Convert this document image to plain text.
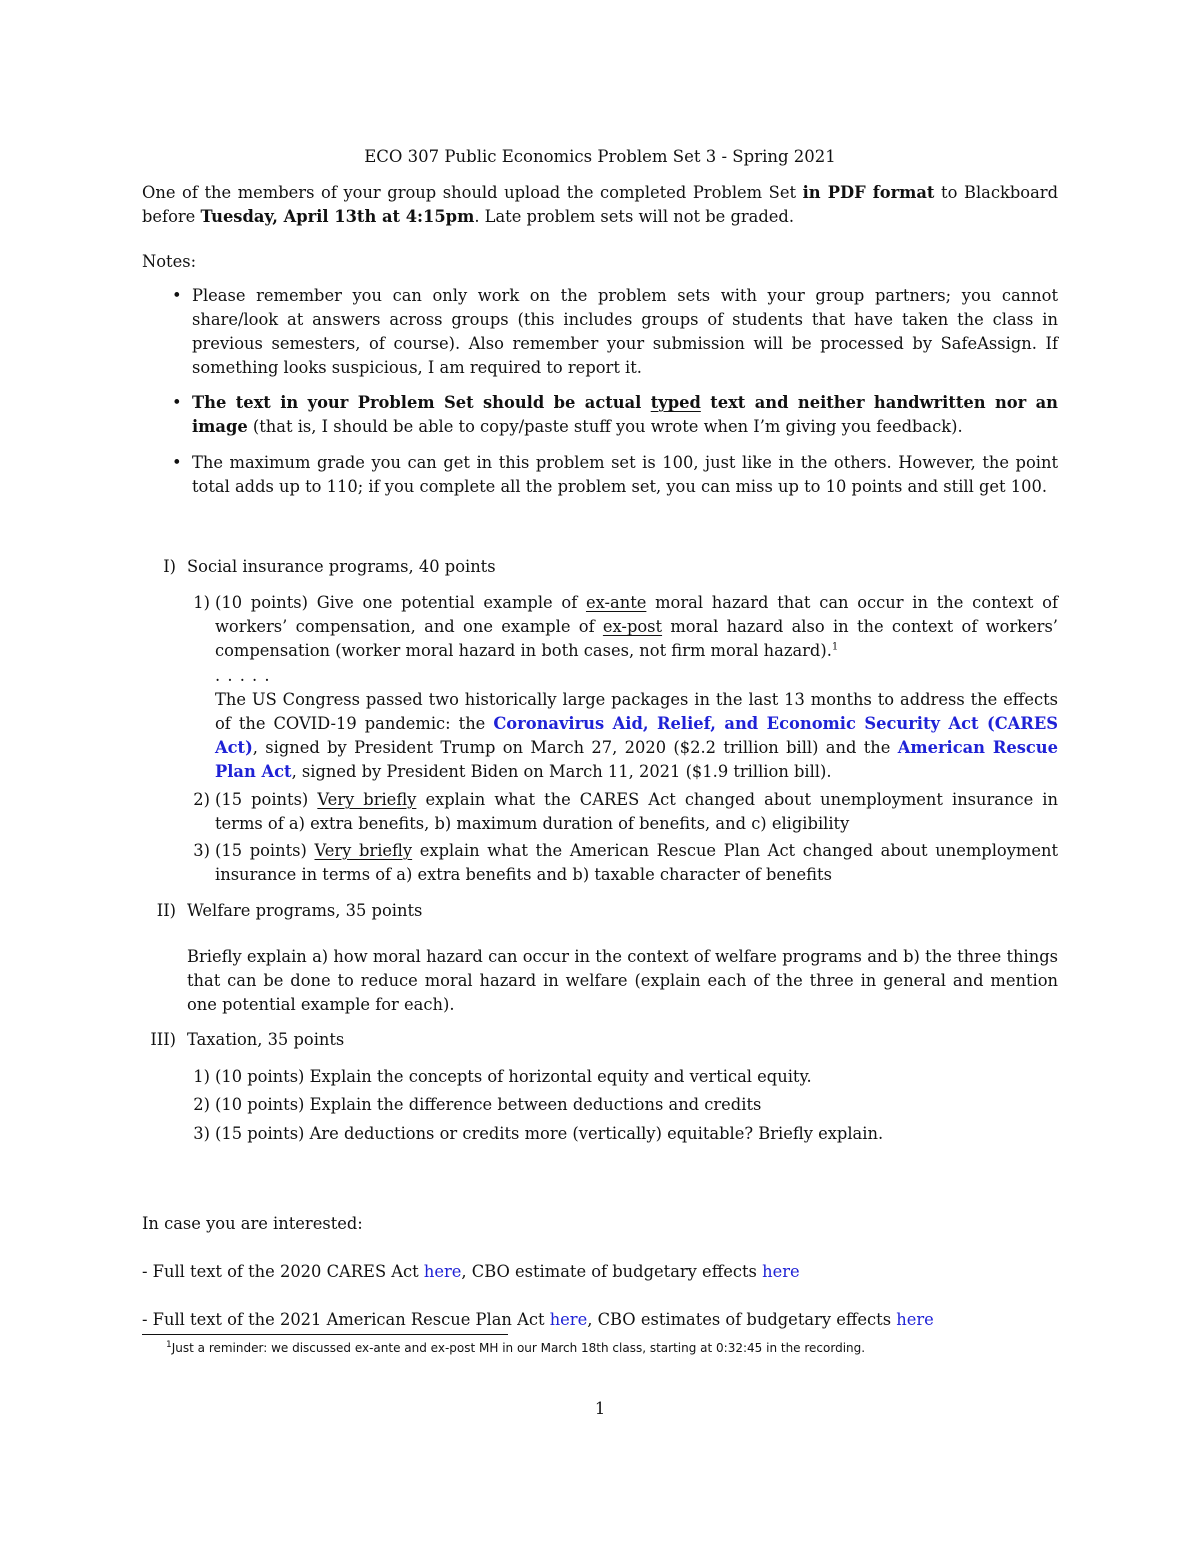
ECO 307 Public Economics Problem Set 3 - Spring 2021

One of the members of your group should upload the completed Problem Set in PDF format to Blackboard before Tuesday, April 13th at 4:15pm. Late problem sets will not be graded.

Notes:
• Please remember you can only work on the problem sets with your group partners; you cannot share/look at answers across groups (this includes groups of students that have taken the class in previous semesters, of course). Also remember your submission will be processed by SafeAssign. If something looks suspicious, I am required to report it.
• The text in your Problem Set should be actual typed text and neither handwritten nor an image (that is, I should be able to copy/paste stuff you wrote when I’m giving you feedback).
• The maximum grade you can get in this problem set is 100, just like in the others. However, the point total adds up to 110; if you complete all the problem set, you can miss up to 10 points and still get 100.
I) Social insurance programs, 40 points
1) (10 points) Give one potential example of ex-ante moral hazard that can occur in the context of workers’ compensation, and one example of ex-post moral hazard also in the context of workers’ compensation (worker moral hazard in both cases, not firm moral hazard).$^1$

. . . . .

The US Congress passed two historically large packages in the last 13 months to address the effects of the COVID-19 pandemic: the Coronavirus Aid, Relief, and Economic Security Act (CARES Act), signed by President Trump on March 27, 2020 ($2.2 trillion bill) and the American Rescue Plan Act, signed by President Biden on March 11, 2021 ($1.9 trillion bill).

2) (15 points) Very briefly explain what the CARES Act changed about unemployment insurance in terms of a) extra benefits, b) maximum duration of benefits, and c) eligibility

3) (15 points) Very briefly explain what the American Rescue Plan Act changed about unemployment insurance in terms of a) extra benefits and b) taxable character of benefits

II) Welfare programs, 35 points

Briefly explain a) how moral hazard can occur in the context of welfare programs and b) the three things that can be done to reduce moral hazard in welfare (explain each of the three in general and mention one potential example for each).

III) Taxation, 35 points
1) (10 points) Explain the concepts of horizontal equity and vertical equity.
2) (10 points) Explain the difference between deductions and credits
3) (15 points) Are deductions or credits more (vertically) equitable? Briefly explain.
In case you are interested:
- Full text of the 2020 CARES Act here, CBO estimate of budgetary effects here
- Full text of the 2021 American Rescue Plan Act here, CBO estimates of budgetary effects here
$^1$Just a reminder: we discussed ex-ante and ex-post MH in our March 18th class, starting at 0:32:45 in the recording.
1
